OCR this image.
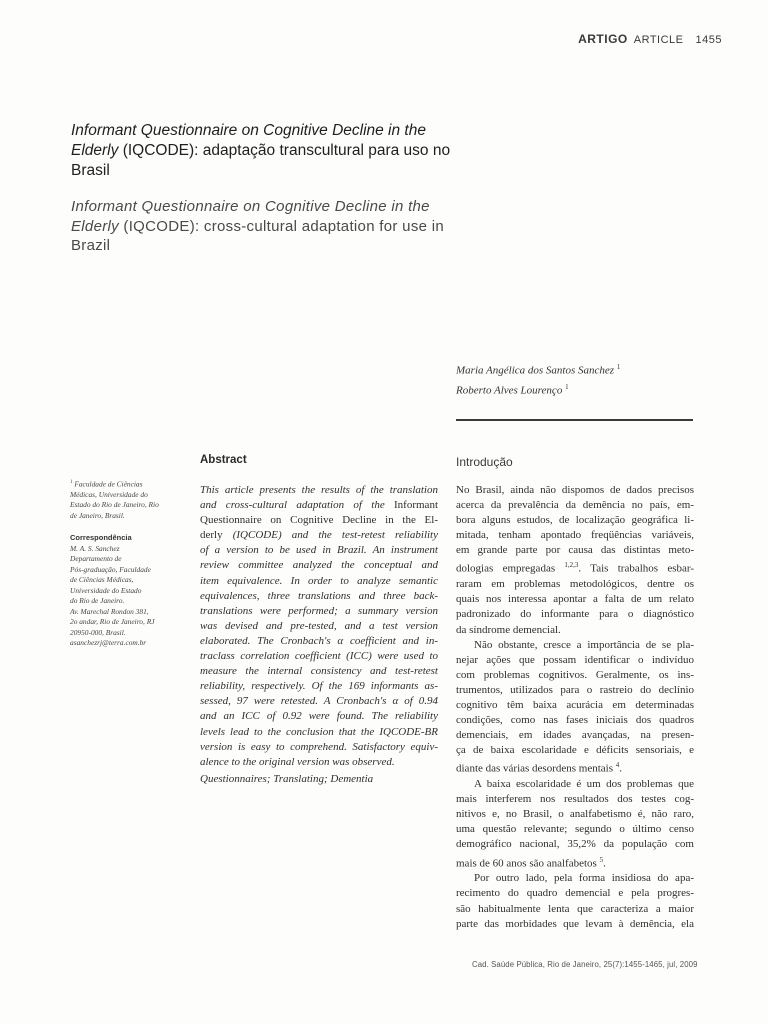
ARTIGO ARTICLE 1455
Informant Questionnaire on Cognitive Decline in the Elderly (IQCODE): adaptação transcultural para uso no Brasil
Informant Questionnaire on Cognitive Decline in the Elderly (IQCODE): cross-cultural adaptation for use in Brazil
Maria Angélica dos Santos Sanchez $^1$
Roberto Alves Lourenço $^1$
$^1$ Faculdade de Ciências
Médicas, Universidade do
Estado do Rio de Janeiro, Rio
de Janeiro, Brasil.
Correspondência
M. A. S. Sanchez
Departamento de
Pós-graduação, Faculdade
de Ciências Médicas,
Universidade do Estado
do Rio de Janeiro.
Av. Marechal Rondon 381,
2o andar, Rio de Janeiro, RJ
20950-000, Brasil.
asanchezrj@terra.com.br
Abstract	Introdução
This article presents the results of the translation
and cross-cultural adaptation of the Informant
Questionnaire on Cognitive Decline in the El-
derly (IQCODE) and the test-retest reliability
of a version to be used in Brazil. An instrument
review committee analyzed the conceptual and
item equivalence. In order to analyze semantic
equivalences, three translations and three back-
translations were performed; a summary version
was devised and pre-tested, and a test version
elaborated. The Cronbach's α coefficient and in-
traclass correlation coefficient (ICC) were used to
measure the internal consistency and test-retest
reliability, respectively. Of the 169 informants as-
sessed, 97 were retested. A Cronbach's α of 0.94
and an ICC of 0.92 were found. The reliability
levels lead to the conclusion that the IQCODE-BR
version is easy to comprehend. Satisfactory equiv-
alence to the original version was observed.
Questionnaires; Translating; Dementia
No Brasil, ainda não dispomos de dados precisos
acerca da prevalência da demência no país, em-
bora alguns estudos, de localização geográfica li-
mitada, tenham apontado freqüências variáveis,
em grande parte por causa das distintas meto-
dologias empregadas $^{1,2,3}$. Tais trabalhos esbar-
raram em problemas metodológicos, dentre os
quais nos interessa apontar a falta de um relato
padronizado do informante para o diagnóstico
da síndrome demencial.
Não obstante, cresce a importância de se pla-
nejar ações que possam identificar o indivíduo
com problemas cognitivos. Geralmente, os ins-
trumentos, utilizados para o rastreio do declínio
cognitivo têm baixa acurácia em determinadas
condições, como nas fases iniciais dos quadros
demenciais, em idades avançadas, na presen-
ça de baixa escolaridade e déficits sensoriais, e
diante das várias desordens mentais $^4$.
A baixa escolaridade é um dos problemas que
mais interferem nos resultados dos testes cog-
nitivos e, no Brasil, o analfabetismo é, não raro,
uma questão relevante; segundo o último censo
demográfico nacional, 35,2% da população com
mais de 60 anos são analfabetos $^5$.
Por outro lado, pela forma insidiosa do apa-
recimento do quadro demencial e pela progres-
são habitualmente lenta que caracteriza a maior
parte das morbidades que levam à demência, ela
Cad. Saúde Pública, Rio de Janeiro, 25(7):1455-1465, jul, 2009
